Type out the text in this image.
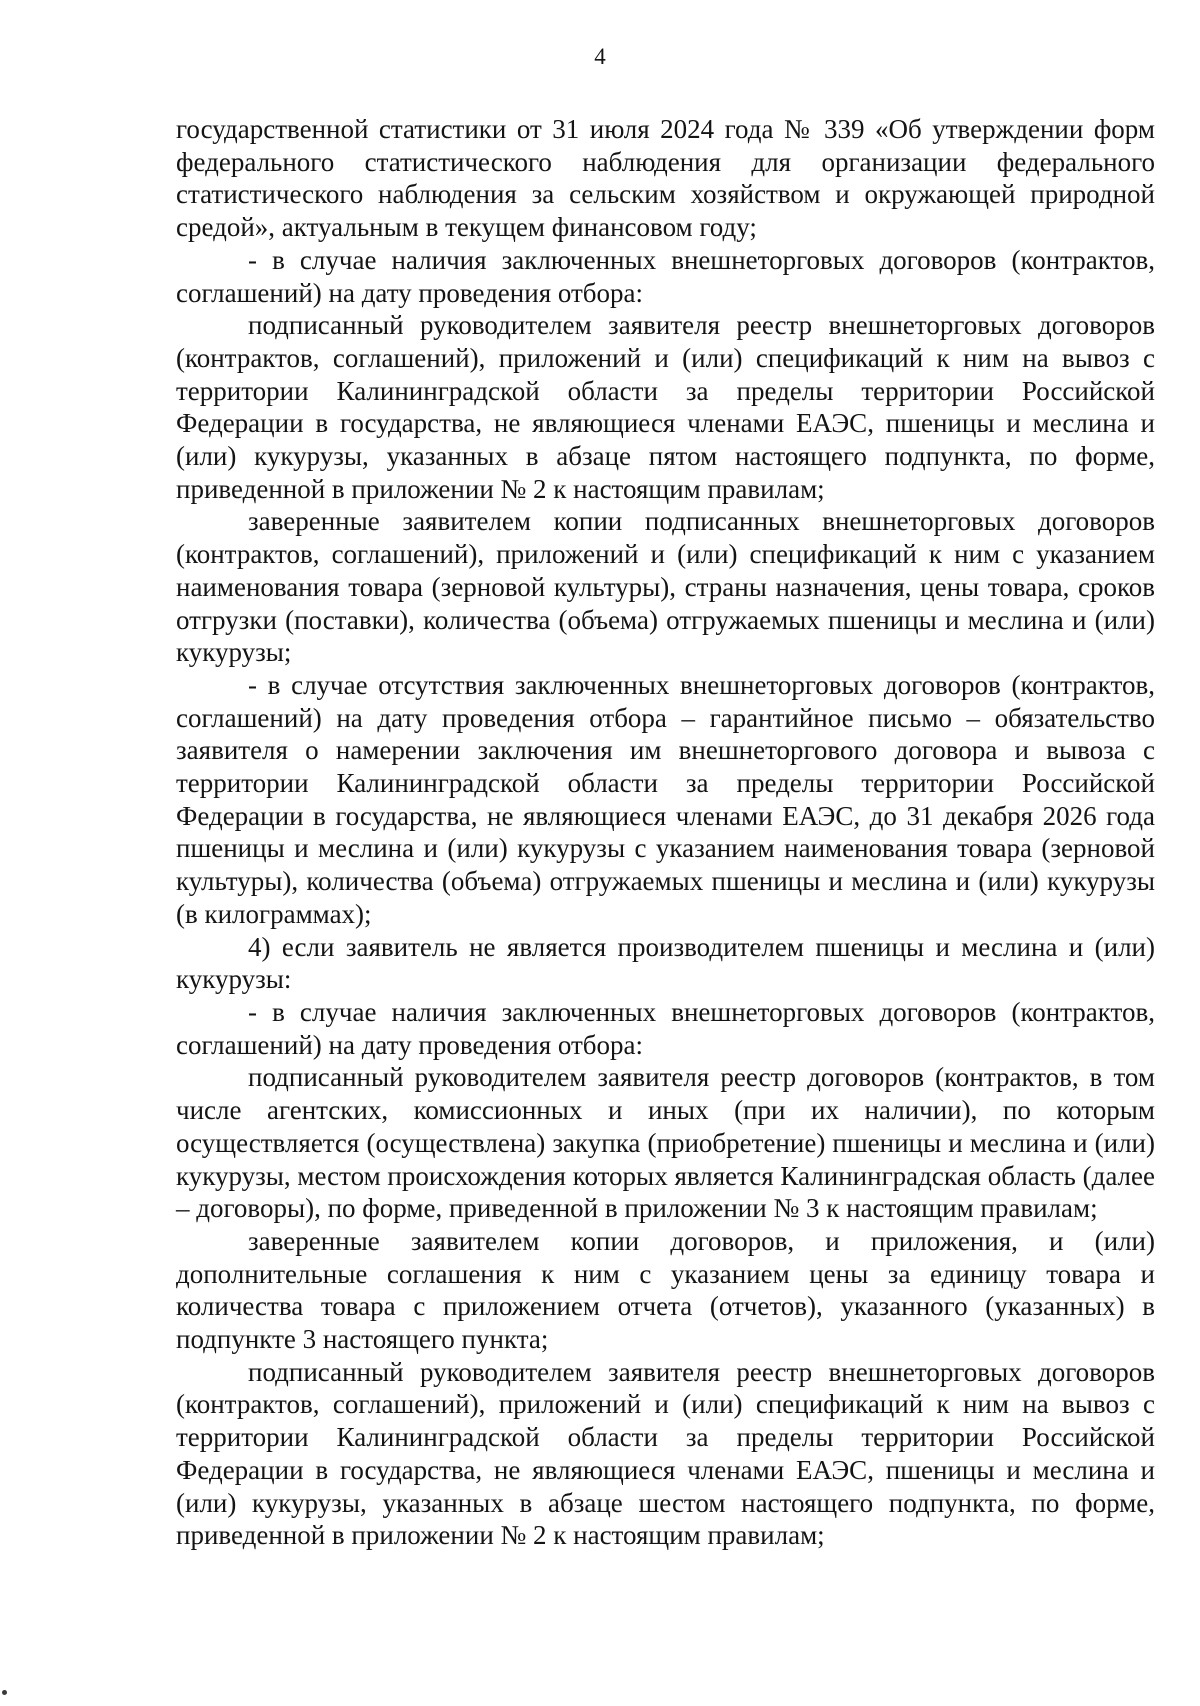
4

государственной статистики от 31 июля 2024 года № 339 «Об утверждении форм федерального статистического наблюдения для организации федерального статистического наблюдения за сельским хозяйством и окружающей природной средой», актуальным в текущем финансовом году;

- в случае наличия заключенных внешнеторговых договоров (контрактов, соглашений) на дату проведения отбора:

подписанный руководителем заявителя реестр внешнеторговых договоров (контрактов, соглашений), приложений и (или) спецификаций к ним на вывоз с территории Калининградской области за пределы территории Российской Федерации в государства, не являющиеся членами ЕАЭС, пшеницы и меслина и (или) кукурузы, указанных в абзаце пятом настоящего подпункта, по форме, приведенной в приложении № 2 к настоящим правилам;

заверенные заявителем копии подписанных внешнеторговых договоров (контрактов, соглашений), приложений и (или) спецификаций к ним с указанием наименования товара (зерновой культуры), страны назначения, цены товара, сроков отгрузки (поставки), количества (объема) отгружаемых пшеницы и меслина и (или) кукурузы;

- в случае отсутствия заключенных внешнеторговых договоров (контрактов, соглашений) на дату проведения отбора – гарантийное письмо – обязательство заявителя о намерении заключения им внешнеторгового договора и вывоза с территории Калининградской области за пределы территории Российской Федерации в государства, не являющиеся членами ЕАЭС, до 31 декабря 2026 года пшеницы и меслина и (или) кукурузы с указанием наименования товара (зерновой культуры), количества (объема) отгружаемых пшеницы и меслина и (или) кукурузы (в килограммах);

4) если заявитель не является производителем пшеницы и меслина и (или) кукурузы:

- в случае наличия заключенных внешнеторговых договоров (контрактов, соглашений) на дату проведения отбора:

подписанный руководителем заявителя реестр договоров (контрактов, в том числе агентских, комиссионных и иных (при их наличии), по которым осуществляется (осуществлена) закупка (приобретение) пшеницы и меслина и (или) кукурузы, местом происхождения которых является Калининградская область (далее – договоры), по форме, приведенной в приложении № 3 к настоящим правилам;

заверенные заявителем копии договоров, и приложения, и (или) дополнительные соглашения к ним с указанием цены за единицу товара и количества товара с приложением отчета (отчетов), указанного (указанных) в подпункте 3 настоящего пункта;

подписанный руководителем заявителя реестр внешнеторговых договоров (контрактов, соглашений), приложений и (или) спецификаций к ним на вывоз с территории Калининградской области за пределы территории Российской Федерации в государства, не являющиеся членами ЕАЭС, пшеницы и меслина и (или) кукурузы, указанных в абзаце шестом настоящего подпункта, по форме, приведенной в приложении № 2 к настоящим правилам;
